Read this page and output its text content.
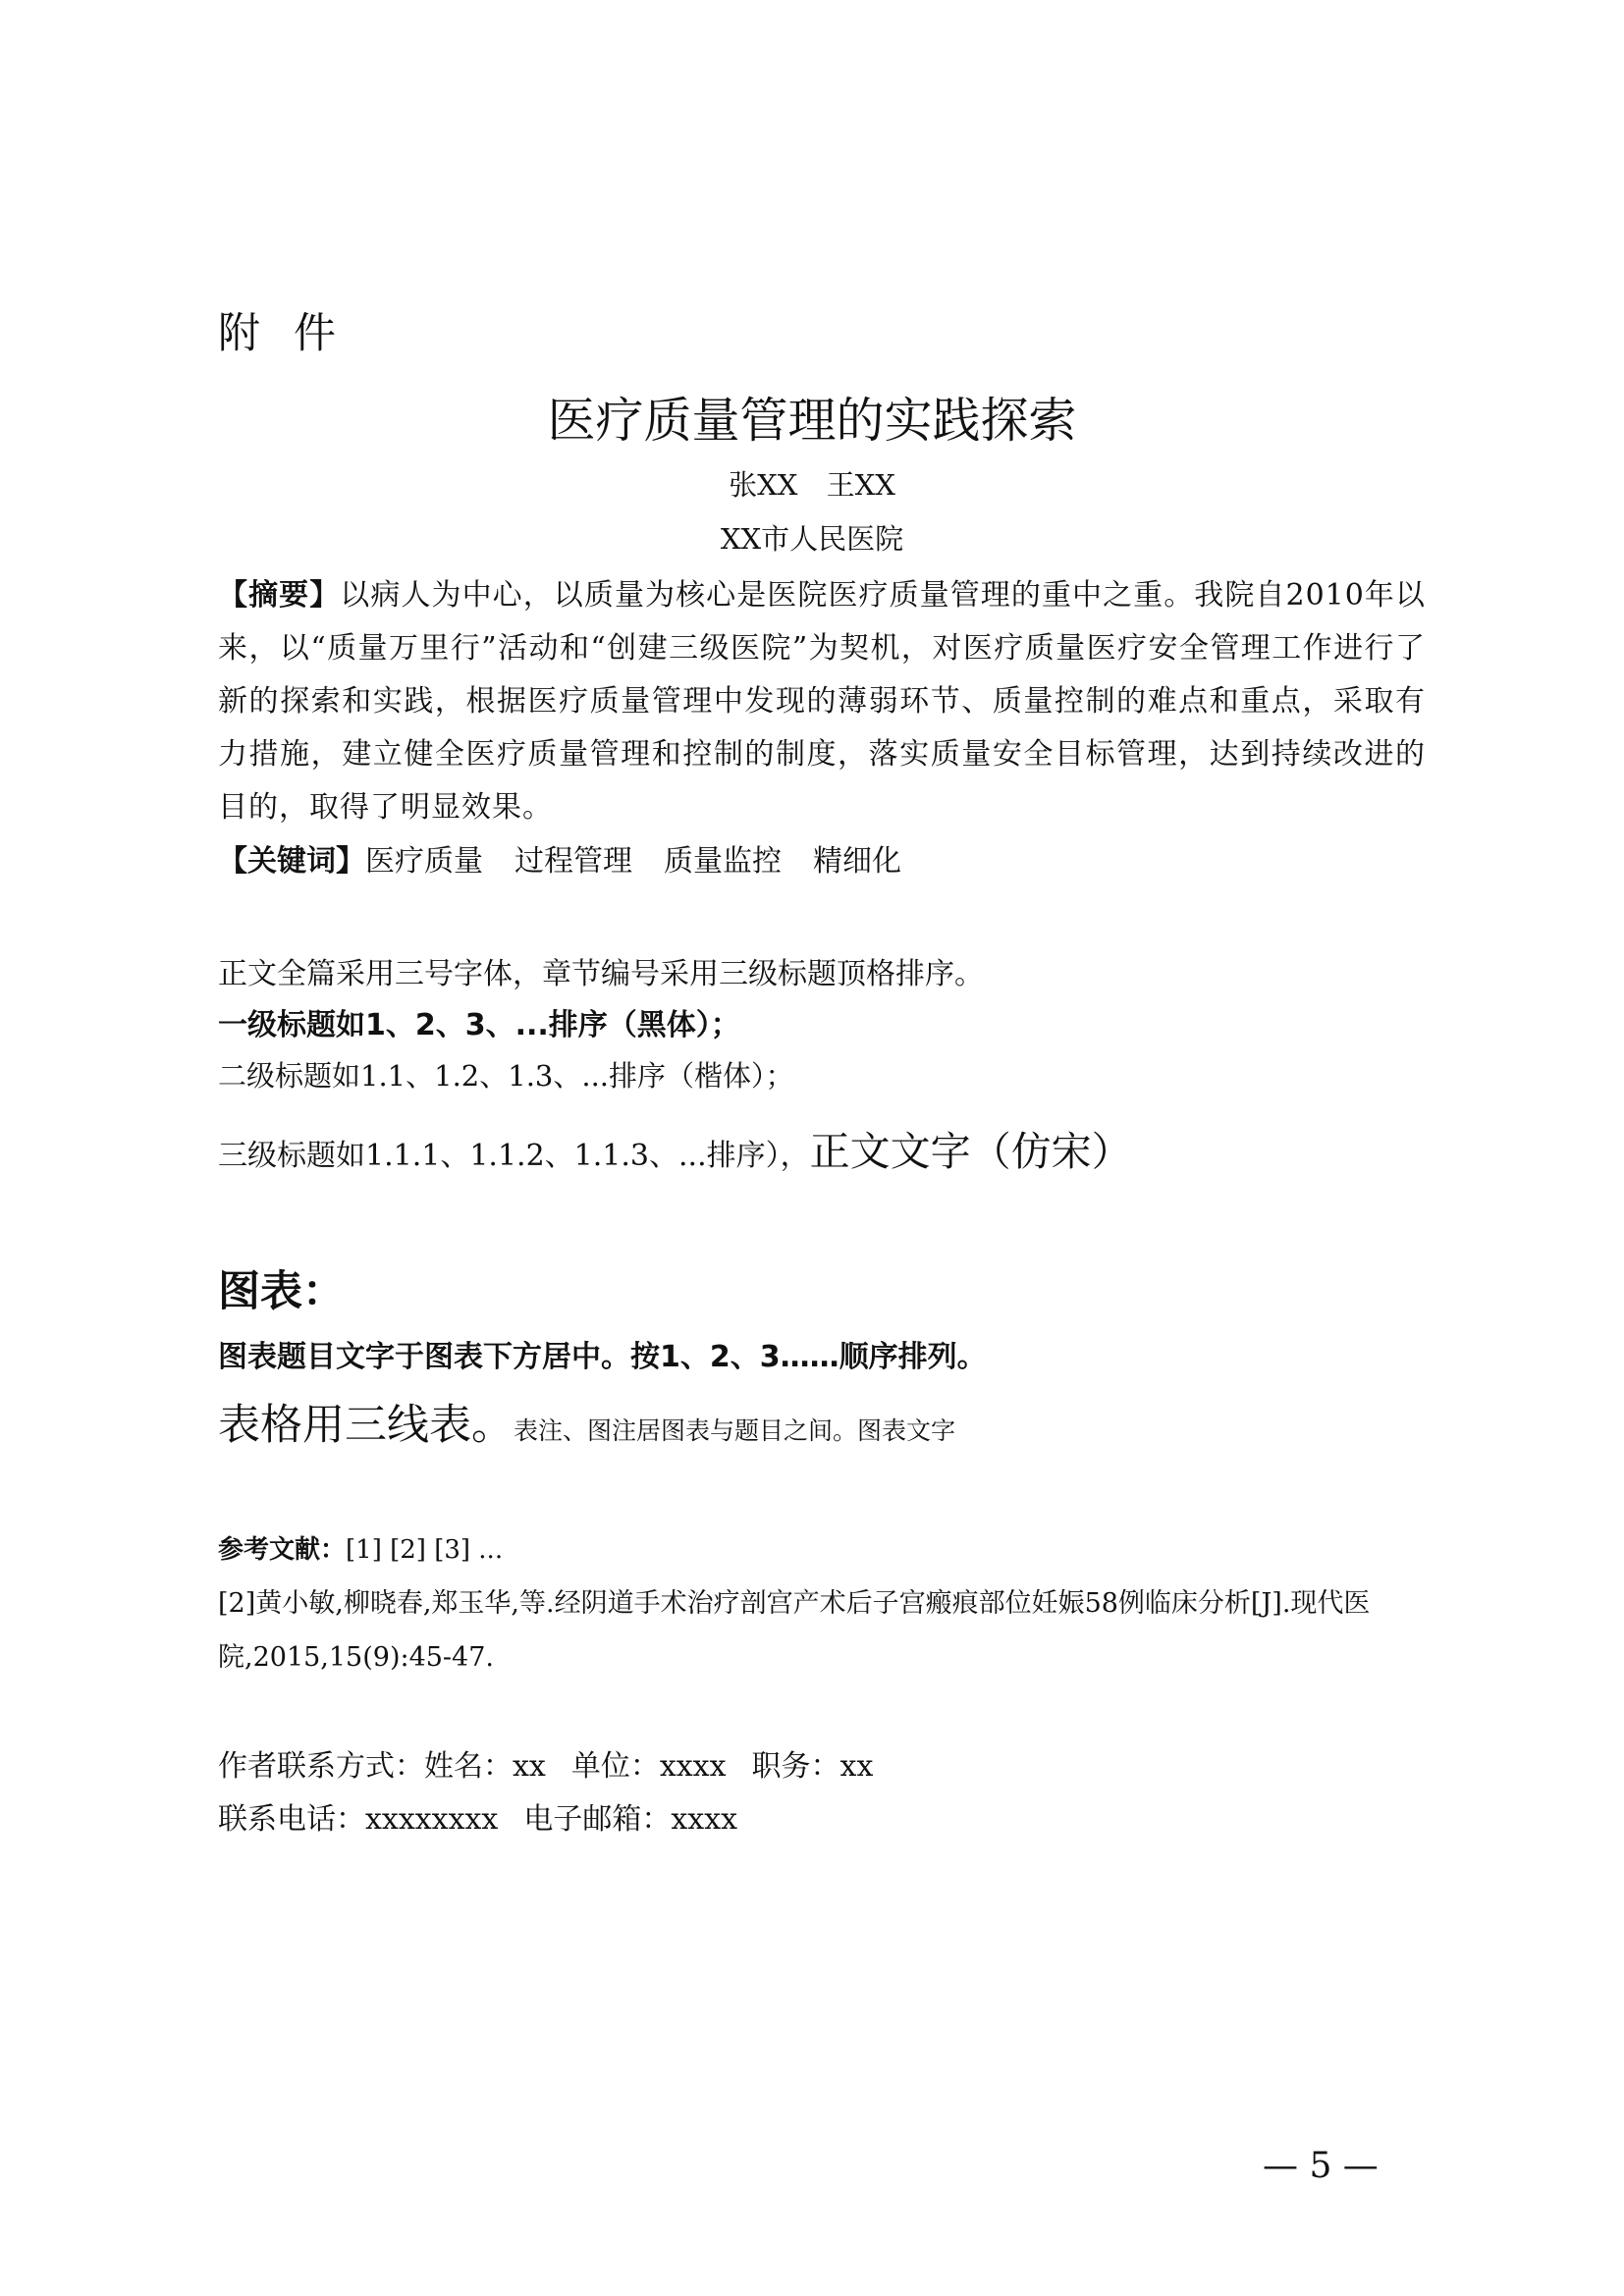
附件
医疗质量管理的实践探索
张XX 王XX
XX市人民医院
【摘要】以病人为中心，以质量为核心是医院医疗质量管理的重中之重。我院自2010年以来，以“质量万里行”活动和“创建三级医院”为契机，对医疗质量医疗安全管理工作进行了新的探索和实践，根据医疗质量管理中发现的薄弱环节、质量控制的难点和重点，采取有力措施，建立健全医疗质量管理和控制的制度，落实质量安全目标管理，达到持续改进的目的，取得了明显效果。
【关键词】医疗质量 过程管理 质量监控 精细化
正文全篇采用三号字体，章节编号采用三级标题顶格排序。
一级标题如1、2、3、...排序（黑体）；
二级标题如1.1、1.2、1.3、...排序（楷体）；
三级标题如1.1.1、1.1.2、1.1.3、...排序），正文文字（仿宋）
图表：
图表题目文字于图表下方居中。按1、2、3……顺序排列。
表格用三线表。表注、图注居图表与题目之间。图表文字
参考文献：[1] [2] [3] ...
[2]黄小敏,柳晓春,郑玉华,等.经阴道手术治疗剖宫产术后子宫瘢痕部位妊娠58例临床分析[J].现代医院,2015,15(9):45-47.
作者联系方式：姓名：xx 单位：xxxx 职务：xx
联系电话：xxxxxxxx 电子邮箱：xxxx
— 5 —
